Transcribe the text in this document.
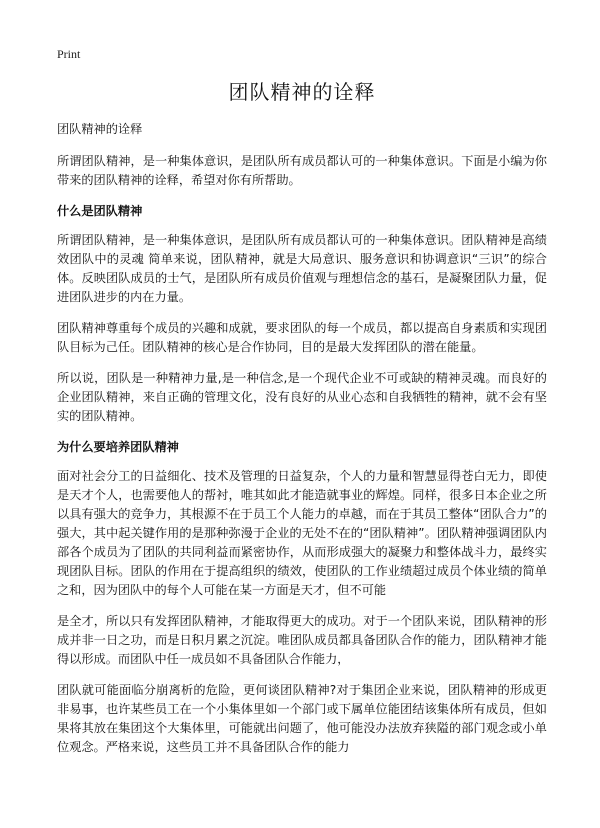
Print
团队精神的诠释

团队精神的诠释

所谓团队精神，是一种集体意识，是团队所有成员都认可的一种集体意识。下面是小编为你带来的团队精神的诠释，希望对你有所帮助。

什么是团队精神

所谓团队精神，是一种集体意识，是团队所有成员都认可的一种集体意识。团队精神是高绩效团队中的灵魂 简单来说，团队精神，就是大局意识、服务意识和协调意识“三识”的综合体。反映团队成员的士气，是团队所有成员价值观与理想信念的基石，是凝聚团队力量，促进团队进步的内在力量。

团队精神尊重每个成员的兴趣和成就，要求团队的每一个成员，都以提高自身素质和实现团队目标为己任。团队精神的核心是合作协同，目的是最大发挥团队的潜在能量。

所以说，团队是一种精神力量,是一种信念,是一个现代企业不可或缺的精神灵魂。而良好的企业团队精神，来自正确的管理文化，没有良好的从业心态和自我牺牲的精神，就不会有坚实的团队精神。

为什么要培养团队精神

面对社会分工的日益细化、技术及管理的日益复杂，个人的力量和智慧显得苍白无力，即使是天才个人，也需要他人的帮衬，唯其如此才能造就事业的辉煌。同样，很多日本企业之所以具有强大的竞争力，其根源不在于员工个人能力的卓越，而在于其员工整体“团队合力”的强大，其中起关键作用的是那种弥漫于企业的无处不在的“团队精神”。团队精神强调团队内部各个成员为了团队的共同利益而紧密协作，从而形成强大的凝聚力和整体战斗力，最终实现团队目标。团队的作用在于提高组织的绩效，使团队的工作业绩超过成员个体业绩的简单之和，因为团队中的每个人可能在某一方面是天才，但不可能

是全才，所以只有发挥团队精神，才能取得更大的成功。对于一个团队来说，团队精神的形成并非一日之功，而是日积月累之沉淀。唯团队成员都具备团队合作的能力，团队精神才能得以形成。而团队中任一成员如不具备团队合作能力，

团队就可能面临分崩离析的危险，更何谈团队精神?对于集团企业来说，团队精神的形成更非易事，也许某些员工在一个小集体里如一个部门或下属单位能团结该集体所有成员，但如果将其放在集团这个大集体里，可能就出问题了，他可能没办法放弃狭隘的部门观念或小单位观念。严格来说，这些员工并不具备团队合作的能力
